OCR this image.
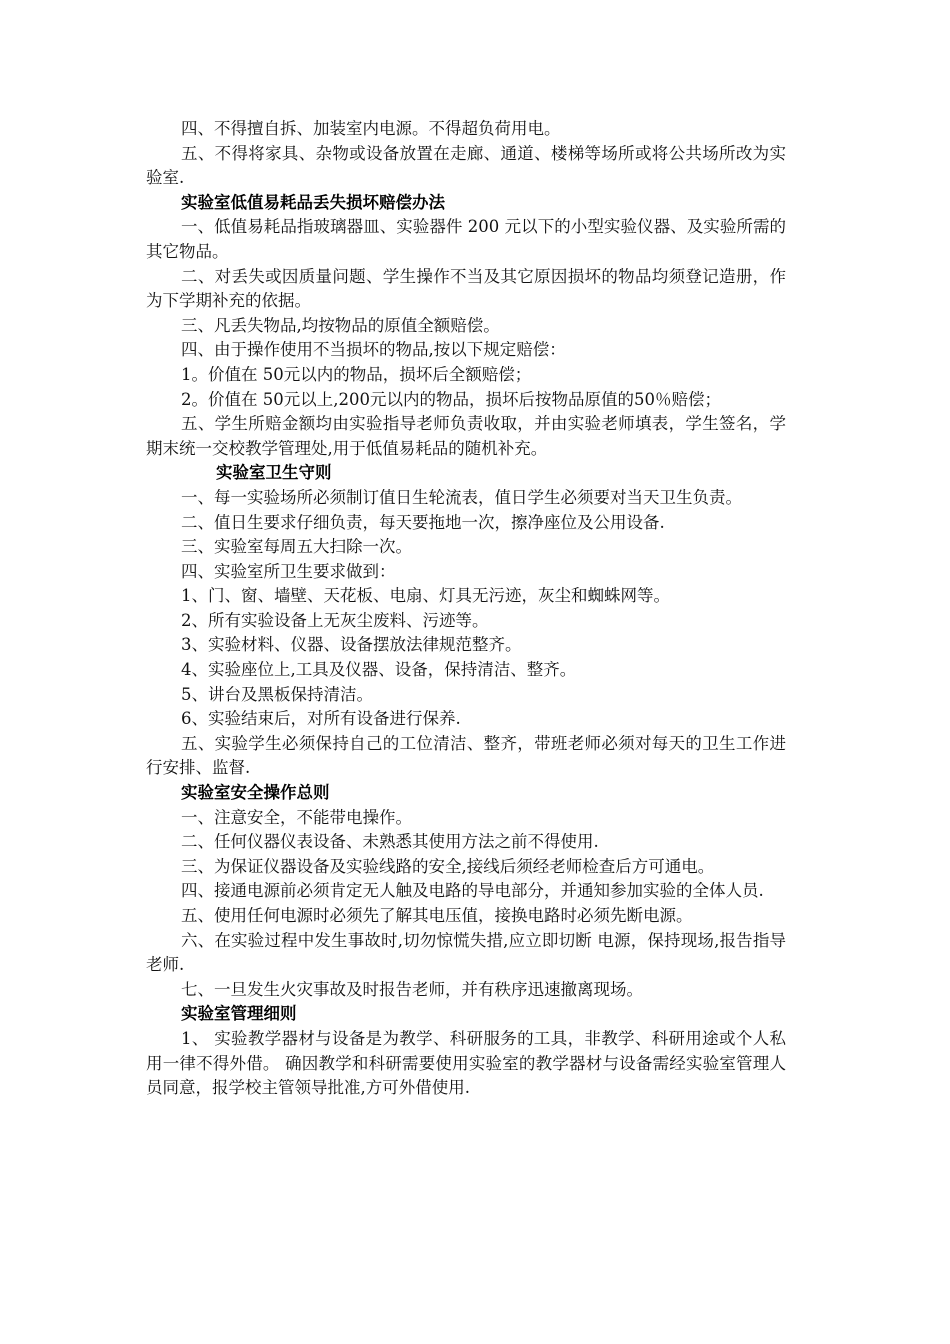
四、不得擅自拆、加装室内电源。不得超负荷用电。
五、不得将家具、杂物或设备放置在走廊、通道、楼梯等场所或将公共场所改为实验室.
实验室低值易耗品丢失损坏赔偿办法
一、低值易耗品指玻璃器皿、实验器件 200 元以下的小型实验仪器、及实验所需的其它物品。
二、对丢失或因质量问题、学生操作不当及其它原因损坏的物品均须登记造册，作为下学期补充的依据。
三、凡丢失物品,均按物品的原值全额赔偿。
四、由于操作使用不当损坏的物品,按以下规定赔偿：
1。价值在 50元以内的物品，损坏后全额赔偿；
2。价值在 50元以上,200元以内的物品，损坏后按物品原值的50％赔偿；
五、学生所赔金额均由实验指导老师负责收取，并由实验老师填表，学生签名，学期末统一交校教学管理处,用于低值易耗品的随机补充。
实验室卫生守则
一、每一实验场所必须制订值日生轮流表，值日学生必须要对当天卫生负责。
二、值日生要求仔细负责，每天要拖地一次，擦净座位及公用设备.
三、实验室每周五大扫除一次。
四、实验室所卫生要求做到：
1、门、窗、墙壁、天花板、电扇、灯具无污迹，灰尘和蜘蛛网等。
2、所有实验设备上无灰尘废料、污迹等。
3、实验材料、仪器、设备摆放法律规范整齐。
4、实验座位上,工具及仪器、设备，保持清洁、整齐。
5、讲台及黑板保持清洁。
6、实验结束后，对所有设备进行保养.
五、实验学生必须保持自己的工位清洁、整齐，带班老师必须对每天的卫生工作进行安排、监督.
实验室安全操作总则
一、注意安全，不能带电操作。
二、任何仪器仪表设备、未熟悉其使用方法之前不得使用.
三、为保证仪器设备及实验线路的安全,接线后须经老师检查后方可通电。
四、接通电源前必须肯定无人触及电路的导电部分，并通知参加实验的全体人员.
五、使用任何电源时必须先了解其电压值，接换电路时必须先断电源。
六、在实验过程中发生事故时,切勿惊慌失措,应立即切断 电源，保持现场,报告指导老师.
七、一旦发生火灾事故及时报告老师，并有秩序迅速撤离现场。
实验室管理细则
1、 实验教学器材与设备是为教学、科研服务的工具，非教学、科研用途或个人私用一律不得外借。 确因教学和科研需要使用实验室的教学器材与设备需经实验室管理人员同意，报学校主管领导批准,方可外借使用.
